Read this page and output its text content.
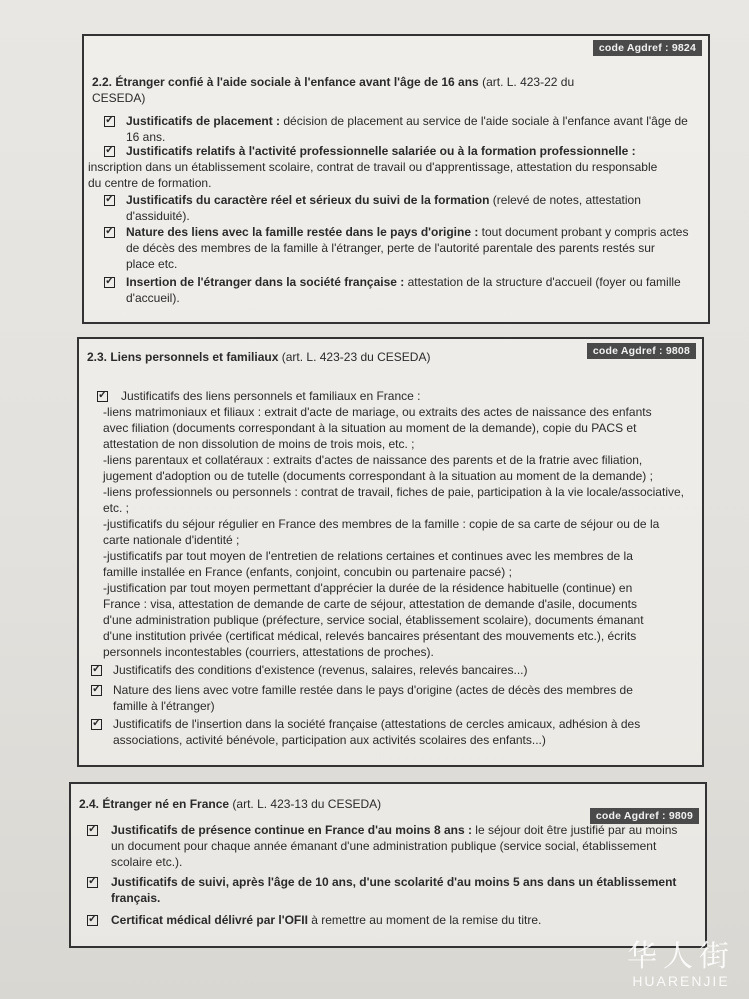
code Agdref : 9824
2.2. Étranger confié à l'aide sociale à l'enfance avant l'âge de 16 ans (art. L. 423-22 du
CESEDA)
✓
Justificatifs de placement : décision de placement au service de l'aide sociale à l'enfance avant l'âge de
16 ans.
✓
Justificatifs relatifs à l'activité professionnelle salariée ou à la formation professionnelle :
inscription dans un établissement scolaire, contrat de travail ou d'apprentissage, attestation du responsable
du centre de formation.
✓
Justificatifs du caractère réel et sérieux du suivi de la formation (relevé de notes, attestation
d'assiduité).
✓
Nature des liens avec la famille restée dans le pays d'origine : tout document probant y compris actes
de décès des membres de la famille à l'étranger, perte de l'autorité parentale des parents restés sur
place etc.
✓
Insertion de l'étranger dans la société française : attestation de la structure d'accueil (foyer ou famille
d'accueil).
code Agdref : 9808
2.3. Liens personnels et familiaux (art. L. 423-23 du CESEDA)
✓
Justificatifs des liens personnels et familiaux en France :
-liens matrimoniaux et filiaux : extrait d'acte de mariage, ou extraits des actes de naissance des enfants
avec filiation (documents correspondant à la situation au moment de la demande), copie du PACS et
attestation de non dissolution de moins de trois mois, etc. ;
-liens parentaux et collatéraux : extraits d'actes de naissance des parents et de la fratrie avec filiation,
jugement d'adoption ou de tutelle (documents correspondant à la situation au moment de la demande) ;
-liens professionnels ou personnels : contrat de travail, fiches de paie, participation à la vie locale/associative,
etc. ;
-justificatifs du séjour régulier en France des membres de la famille : copie de sa carte de séjour ou de la
carte nationale d'identité ;
-justificatifs par tout moyen de l'entretien de relations certaines et continues avec les membres de la
famille installée en France (enfants, conjoint, concubin ou partenaire pacsé) ;
-justification par tout moyen permettant d'apprécier la durée de la résidence habituelle (continue) en
France : visa, attestation de demande de carte de séjour, attestation de demande d'asile, documents
d'une administration publique (préfecture, service social, établissement scolaire), documents émanant
d'une institution privée (certificat médical, relevés bancaires présentant des mouvements etc.), écrits
personnels incontestables (courriers, attestations de proches).
✓
Justificatifs des conditions d'existence (revenus, salaires, relevés bancaires...)
✓
Nature des liens avec votre famille restée dans le pays d'origine (actes de décès des membres de
famille à l'étranger)
✓
Justificatifs de l'insertion dans la société française (attestations de cercles amicaux, adhésion à des
associations, activité bénévole, participation aux activités scolaires des enfants...)
code Agdref : 9809
2.4. Étranger né en France (art. L. 423-13 du CESEDA)
✓
Justificatifs de présence continue en France d'au moins 8 ans : le séjour doit être justifié par au moins
un document pour chaque année émanant d'une administration publique (service social, établissement
scolaire etc.).
✓
Justificatifs de suivi, après l'âge de 10 ans, d'une scolarité d'au moins 5 ans dans un établissement
français.
✓
Certificat médical délivré par l'OFII à remettre au moment de la remise du titre.
华人街
HUARENJIE
